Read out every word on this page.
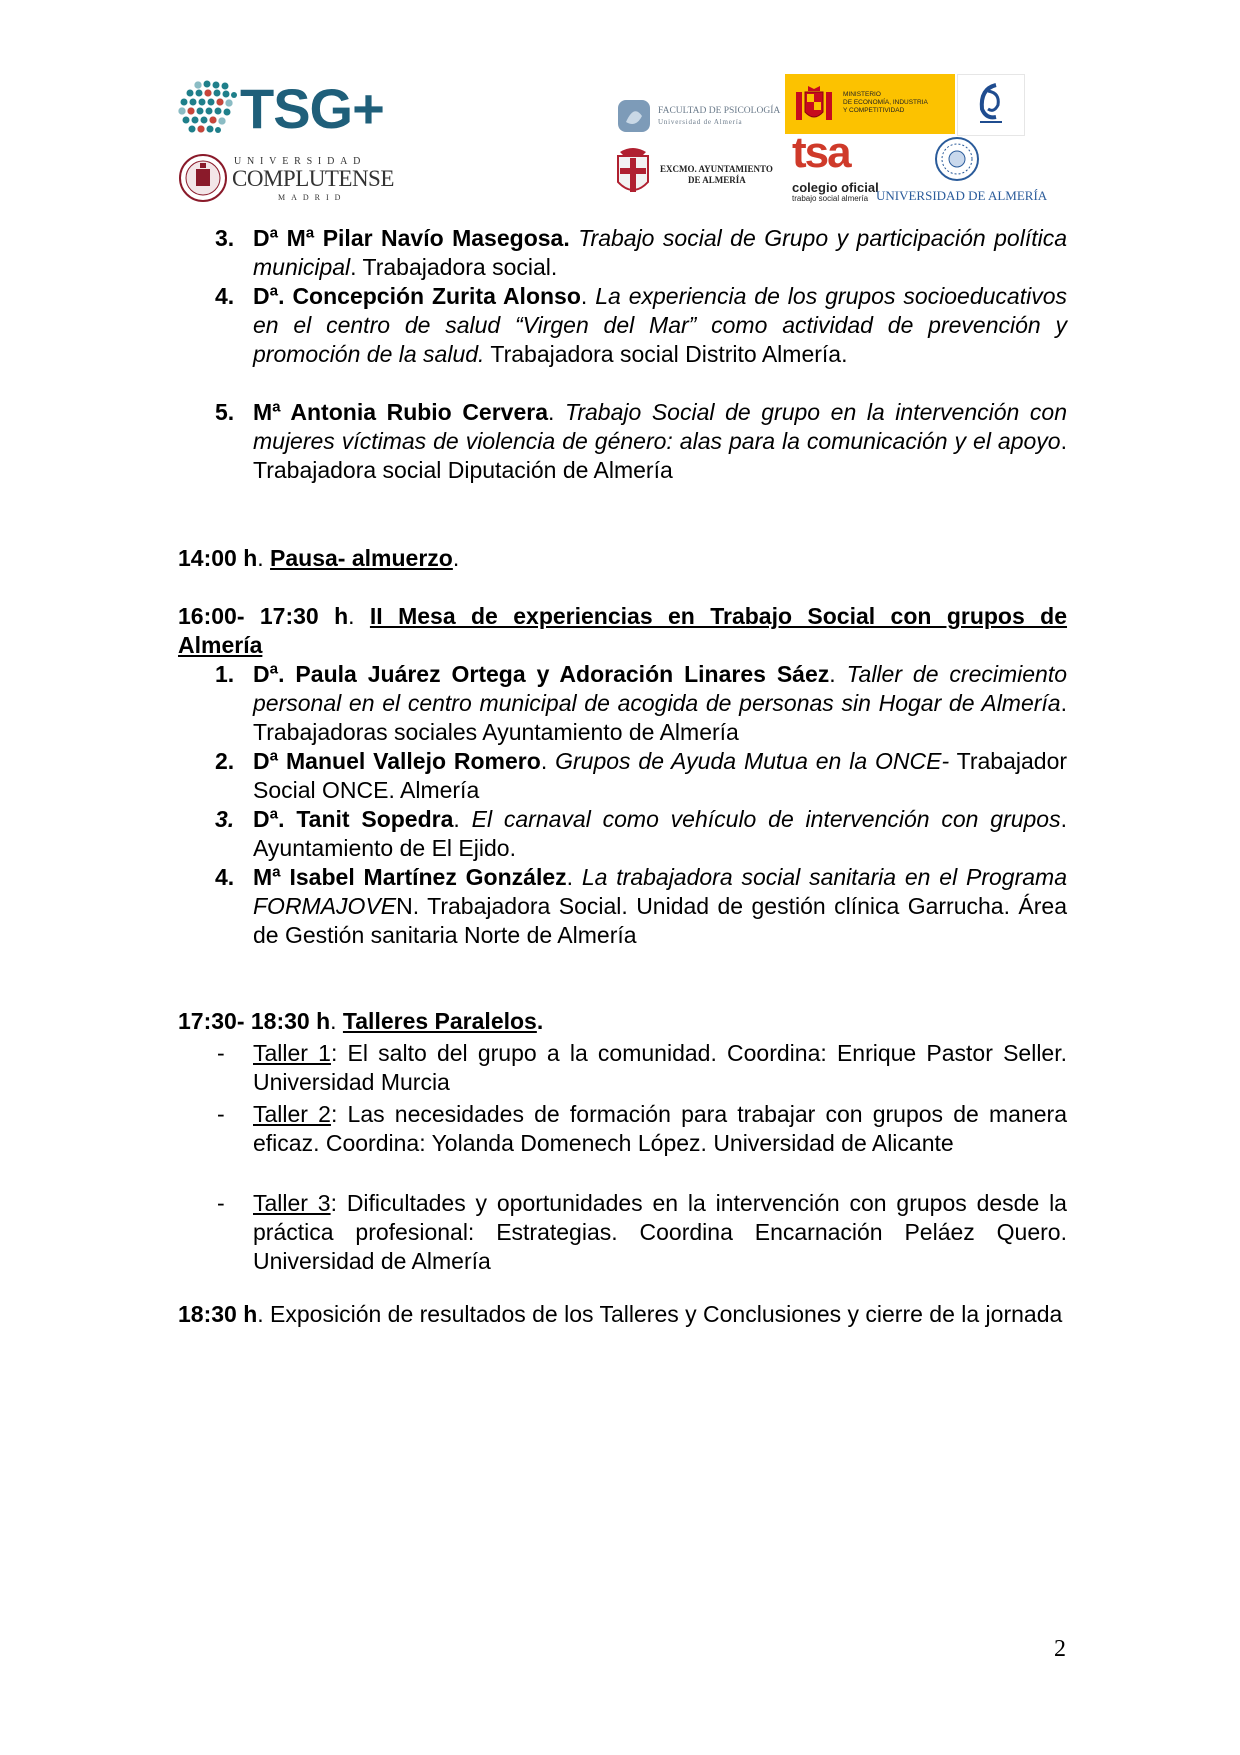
TSG+
UNIVERSIDAD
COMPLUTENSE
MADRID
FACULTAD DE PSICOLOGÍA
Universidad de Almería
MINISTERIO
DE ECONOMÍA, INDUSTRIA
Y COMPETITIVIDAD
EXCMO. AYUNTAMIENTO
DE ALMERÍA
tsa
colegio oficial
trabajo social almería UNIVERSIDAD DE ALMERÍA
3. Dª Mª Pilar Navío Masegosa. Trabajo social de Grupo y participación política municipal. Trabajadora social.
4. Dª. Concepción Zurita Alonso. La experiencia de los grupos socioeducativos en el centro de salud “Virgen del Mar” como actividad de prevención y promoción de la salud. Trabajadora social Distrito Almería.
5. Mª Antonia Rubio Cervera. Trabajo Social de grupo en la intervención con mujeres víctimas de violencia de género: alas para la comunicación y el apoyo. Trabajadora social Diputación de Almería
14:00 h. Pausa- almuerzo.
16:00- 17:30 h. II Mesa de experiencias en Trabajo Social con grupos de
Almería
1. Dª. Paula Juárez Ortega y Adoración Linares Sáez. Taller de crecimiento personal en el centro municipal de acogida de personas sin Hogar de Almería. Trabajadoras sociales Ayuntamiento de Almería
2. Dª Manuel Vallejo Romero. Grupos de Ayuda Mutua en la ONCE- Trabajador Social ONCE. Almería
3. Dª. Tanit Sopedra. El carnaval como vehículo de intervención con grupos. Ayuntamiento de El Ejido.
4. Mª Isabel Martínez González. La trabajadora social sanitaria en el Programa FORMAJOVEN. Trabajadora Social. Unidad de gestión clínica Garrucha. Área de Gestión sanitaria Norte de Almería
17:30- 18:30 h. Talleres Paralelos.
- Taller 1: El salto del grupo a la comunidad. Coordina: Enrique Pastor Seller. Universidad Murcia
- Taller 2: Las necesidades de formación para trabajar con grupos de manera eficaz. Coordina: Yolanda Domenech López. Universidad de Alicante
- Taller 3: Dificultades y oportunidades en la intervención con grupos desde la práctica profesional: Estrategias. Coordina Encarnación Peláez Quero. Universidad de Almería
18:30 h. Exposición de resultados de los Talleres y Conclusiones y cierre de la jornada
2
